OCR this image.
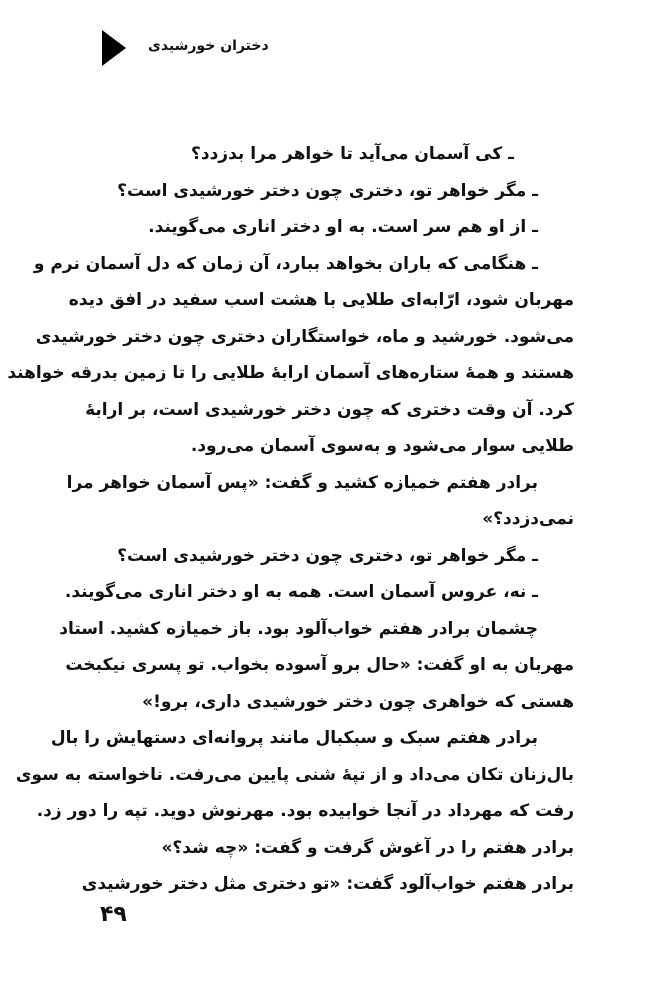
دختران خورشیدی
ـ کی آسمان می‌آید تا خواهر مرا بدزدد؟
ـ مگر خواهر تو، دختری چون دختر خورشیدی است؟
ـ از او هم سر است. به او دختر اناری می‌گویند.
ـ هنگامی که باران بخواهد ببارد، آن زمان که دل آسمان نرم و
مهربان شود، ارّابه‌ای طلایی با هشت اسب سفید در افق دیده
می‌شود. خورشید و ماه، خواستگاران دختری چون دختر خورشیدی
هستند و همهٔ ستاره‌های آسمان ارابهٔ طلایی را تا زمین بدرقه خواهند
کرد. آن وقت دختری که چون دختر خورشیدی است، بر ارابهٔ
طلایی سوار می‌شود و به‌سوی آسمان می‌رود.
برادر هفتم خمیازه کشید و گفت: «پس آسمان خواهر مرا
نمی‌دزدد؟»
ـ مگر خواهر تو، دختری چون دختر خورشیدی است؟
ـ نه، عروس آسمان است. همه به او دختر اناری می‌گویند.
چشمان برادر هفتم خواب‌آلود بود. باز خمیازه کشید. استاد
مهربان به او گفت: «حال برو آسوده بخواب. تو پسری نیکبخت
هستی که خواهری چون دختر خورشیدی داری، برو!»
برادر هفتم سبک و سبکبال مانند پروانه‌ای دستهایش را بال
بال‌زنان تکان می‌داد و از تپهٔ شنی پایین می‌رفت. ناخواسته به سوی
رفت که مهرداد در آنجا خوابیده بود. مهرنوش دوید. تپه را دور زد.
برادر هفتم را در آغوش گرفت و گفت: «چه شد؟»
برادر هفتم خواب‌آلود گفت: «تو دختری مثل دختر خورشیدی
۴۹
